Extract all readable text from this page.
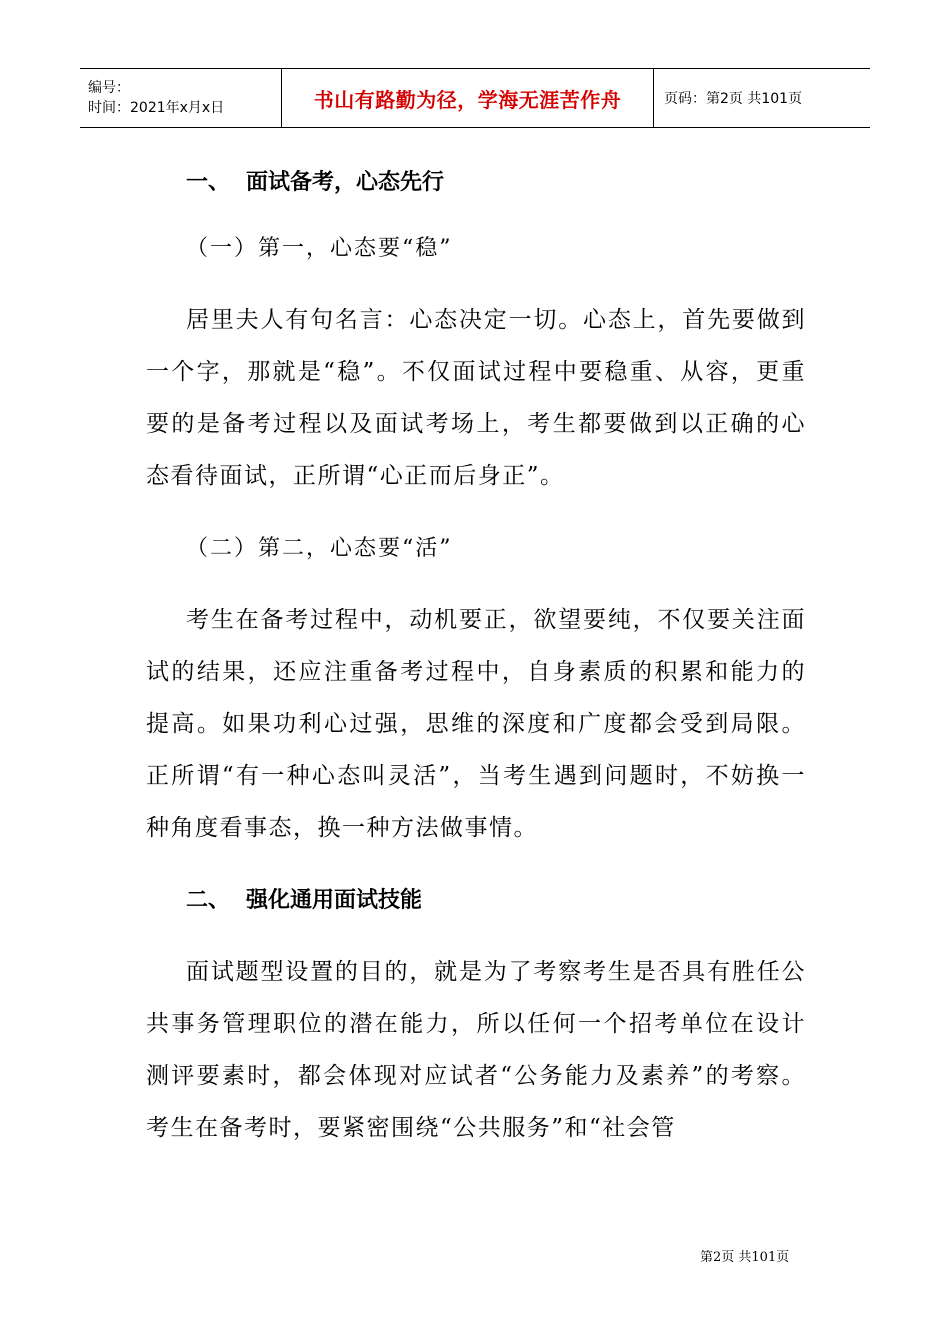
编号：
时间：2021年x月x日	书山有路勤为径，学海无涯苦作舟	页码：第2页 共101页
一、 面试备考，心态先行
（一）第一，心态要“稳”

居里夫人有句名言：心态决定一切。心态上，首先要做到一个字，那就是“稳”。不仅面试过程中要稳重、从容，更重要的是备考过程以及面试考场上，考生都要做到以正确的心态看待面试，正所谓“心正而后身正”。

（二）第二，心态要“活”

考生在备考过程中，动机要正，欲望要纯，不仅要关注面试的结果，还应注重备考过程中，自身素质的积累和能力的提高。如果功利心过强，思维的深度和广度都会受到局限。正所谓“有一种心态叫灵活”，当考生遇到问题时，不妨换一种角度看事态，换一种方法做事情。

二、 强化通用面试技能

面试题型设置的目的，就是为了考察考生是否具有胜任公共事务管理职位的潜在能力，所以任何一个招考单位在设计测评要素时，都会体现对应试者“公务能力及素养”的考察。考生在备考时，要紧密围绕“公共服务”和“社会管

第2页 共101页
